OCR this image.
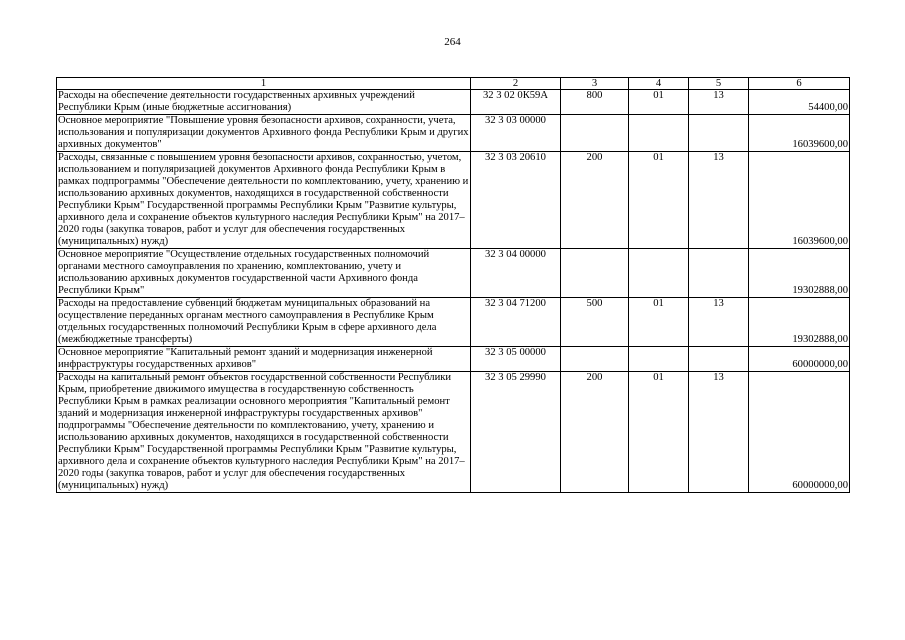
264
1	2	3	4	5	6
Расходы на обеспечение деятельности государственных архивных учреждений Республики Крым (иные бюджетные ассигнования)	32 3 02 0К59А	800	01	13	54400,00
Основное мероприятие "Повышение уровня безопасности архивов, сохранности, учета, использования и популяризации документов Архивного фонда Республики Крым и других архивных документов"	32 3 03 00000				16039600,00
Расходы, связанные с повышением уровня безопасности архивов, сохранностью, учетом, использованием и популяризацией документов Архивного фонда Республики Крым в рамках подпрограммы "Обеспечение деятельности по комплектованию, учету, хранению и использованию архивных документов, находящихся в государственной собственности Республики Крым" Государственной программы Республики Крым "Развитие культуры, архивного дела и сохранение объектов культурного наследия Республики Крым" на 2017–2020 годы (закупка товаров, работ и услуг для обеспечения государственных (муниципальных) нужд)	32 3 03 20610	200	01	13	16039600,00
Основное мероприятие "Осуществление отдельных государственных полномочий органами местного самоуправления по хранению, комплектованию, учету и использованию архивных документов государственной части Архивного фонда Республики Крым"	32 3 04 00000				19302888,00
Расходы на предоставление субвенций бюджетам муниципальных образований на осуществление переданных органам местного самоуправления в Республике Крым отдельных государственных полномочий Республики Крым в сфере архивного дела (межбюджетные трансферты)	32 3 04 71200	500	01	13	19302888,00
Основное мероприятие "Капитальный ремонт зданий и модернизация инженерной инфраструктуры государственных архивов"	32 3 05 00000				60000000,00
Расходы на капитальный ремонт объектов государственной собственности Республики Крым, приобретение движимого имущества в государственную собственность Республики Крым в рамках реализации основного мероприятия "Капитальный ремонт зданий и модернизация инженерной инфраструктуры государственных архивов" подпрограммы "Обеспечение деятельности по комплектованию, учету, хранению и использованию архивных документов, находящихся в государственной собственности Республики Крым" Государственной программы Республики Крым "Развитие культуры, архивного дела и сохранение объектов культурного наследия Республики Крым" на 2017–2020 годы (закупка товаров, работ и услуг для обеспечения государственных (муниципальных) нужд)	32 3 05 29990	200	01	13	60000000,00
